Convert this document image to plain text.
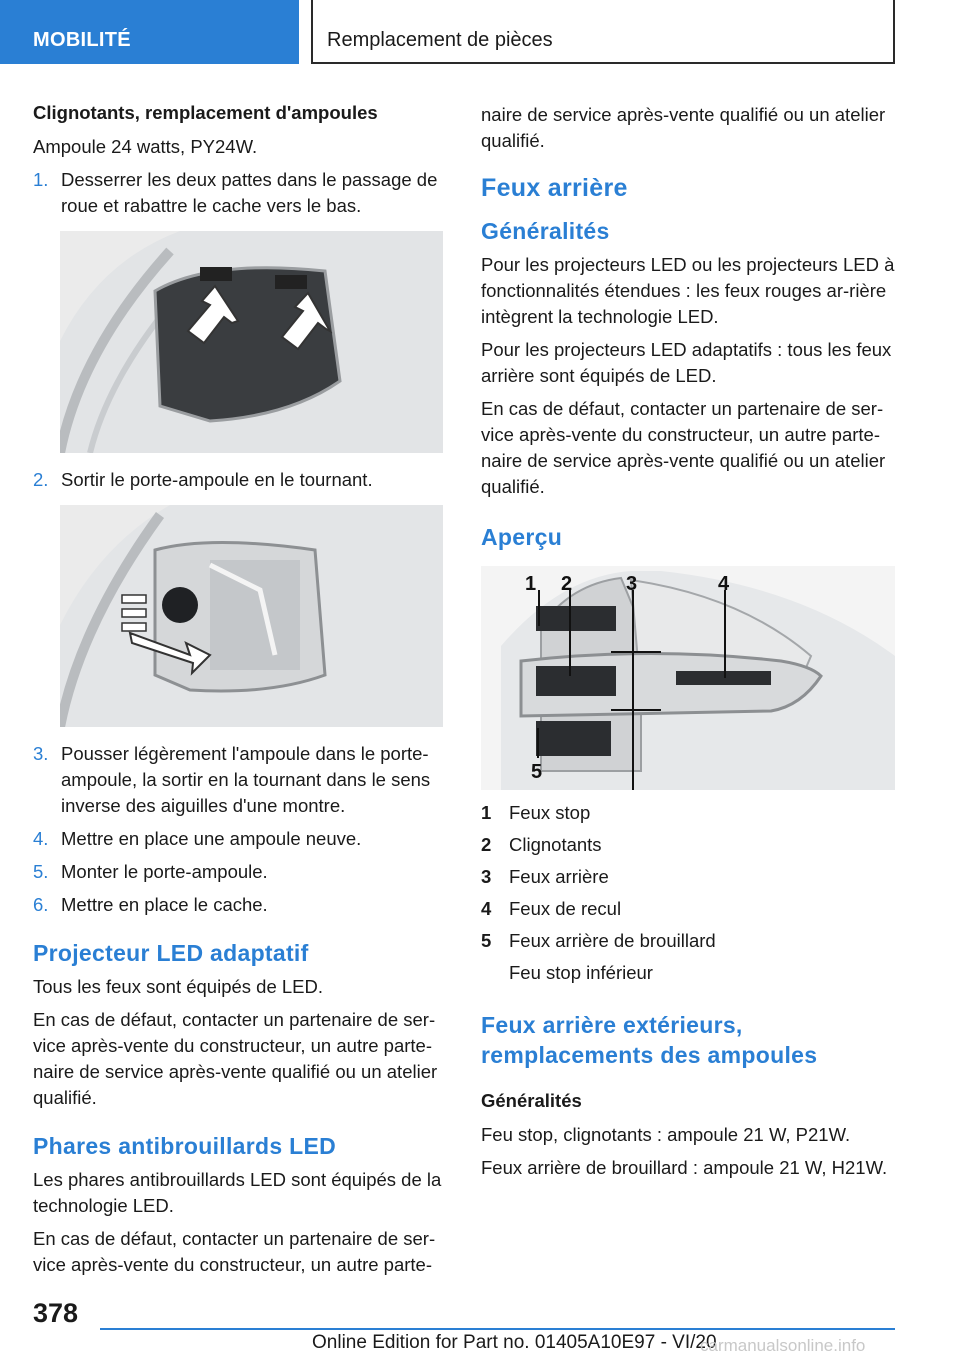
MOBILITÉ	Remplacement de pièces
Clignotants, remplacement d'ampoules

Ampoule 24 watts, PY24W.

1. Desserrer les deux pattes dans le passage de roue et rabattre le cache vers le bas.
2. Sortir le porte-ampoule en le tournant.
3. Pousser légèrement l'ampoule dans le porte-ampoule, la sortir en la tournant dans le sens inverse des aiguilles d'une montre.
4. Mettre en place une ampoule neuve.
5. Monter le porte-ampoule.
6. Mettre en place le cache.
Projecteur LED adaptatif

Tous les feux sont équipés de LED.

En cas de défaut, contacter un partenaire de ser-vice après-vente du constructeur, un autre parte-naire de service après-vente qualifié ou un atelier qualifié.

Phares antibrouillards LED

Les phares antibrouillards LED sont équipés de la technologie LED.

En cas de défaut, contacter un partenaire de ser-vice après-vente du constructeur, un autre parte-

naire de service après-vente qualifié ou un atelier qualifié.

Feux arrière
Généralités

Pour les projecteurs LED ou les projecteurs LED à fonctionnalités étendues : les feux rouges ar-rière intègrent la technologie LED.

Pour les projecteurs LED adaptatifs : tous les feux arrière sont équipés de LED.

En cas de défaut, contacter un partenaire de ser-vice après-vente du constructeur, un autre parte-naire de service après-vente qualifié ou un atelier qualifié.

Aperçu
1 2	3	4
5
1 Feux stop
2 Clignotants
3 Feux arrière
4 Feux de recul
5 Feux arrière de brouillard
Feu stop inférieur
Feux arrière extérieurs, remplacements des ampoules
Généralités

Feu stop, clignotants : ampoule 21 W, P21W.

Feux arrière de brouillard : ampoule 21 W, H21W.

378
Online Edition for Part no. 01405A10E97 - VI/20
carmanualsonline.info
